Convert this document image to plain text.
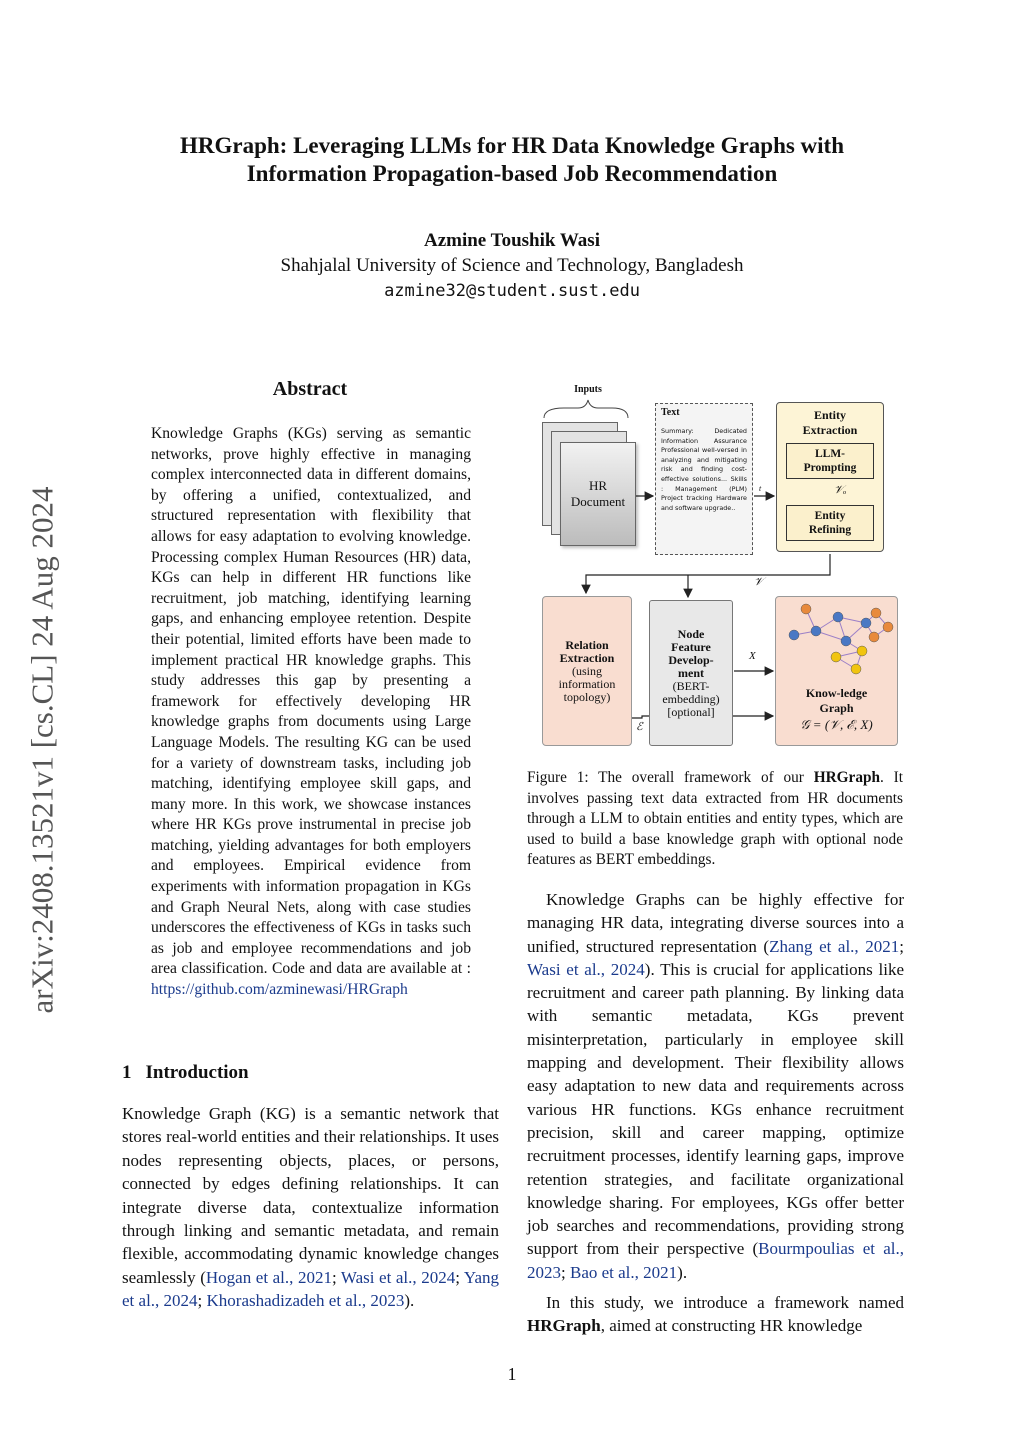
arXiv:2408.13521v1 [cs.CL] 24 Aug 2024
HRGraph: Leveraging LLMs for HR Data Knowledge Graphs with
Information Propagation-based Job Recommendation
Azmine Toushik Wasi
Shahjalal University of Science and Technology, Bangladesh
azmine32@student.sust.edu
Abstract
Knowledge Graphs (KGs) serving as semantic networks, prove highly effective in managing complex interconnected data in different domains, by offering a unified, contextualized, and structured representation with flexibility that allows for easy adaptation to evolving knowledge. Processing complex Human Resources (HR) data, KGs can help in different HR functions like recruitment, job matching, identifying learning gaps, and enhancing employee retention. Despite their potential, limited efforts have been made to implement practical HR knowledge graphs. This study addresses this gap by presenting a framework for effectively developing HR knowledge graphs from documents using Large Language Models. The resulting KG can be used for a variety of downstream tasks, including job matching, identifying employee skill gaps, and many more. In this work, we showcase instances where HR KGs prove instrumental in precise job matching, yielding advantages for both employers and employees. Empirical evidence from experiments with information propagation in KGs and Graph Neural Nets, along with case studies underscores the effectiveness of KGs in tasks such as job and employee recommendations and job area classification. Code and data are available at : https://github.com/azminewasi/HRGraph
1 Introduction
Knowledge Graph (KG) is a semantic network that stores real-world entities and their relationships. It uses nodes representing objects, places, or persons, connected by edges defining relationships. It can integrate diverse data, contextualize information through linking and semantic metadata, and remain flexible, accommodating dynamic knowledge changes seamlessly (Hogan et al., 2021; Wasi et al., 2024; Yang et al., 2024; Khorashadizadeh et al., 2023).
Inputs
HR
Document
Text
Summary: Dedicated Information Assurance Professional well-versed in analyzing and mitigating risk and finding cost-effective solutions... Skills : Management (PLM) Project tracking Hardware and software upgrade..
Entity
Extraction
LLM-
Prompting
Entity
Refining
Relation
Extraction
(using
information
topology)
Node
Feature
Develop-
ment
(BERT-
embedding)
[optional]
Know-ledge
Graph
𝒢 = (𝒱, ℰ, X)
t	𝒱ₒ
𝒱
X
ℰ
Figure 1: The overall framework of our HRGraph. It involves passing text data extracted from HR documents through a LLM to obtain entities and entity types, which are used to build a base knowledge graph with optional node features as BERT embeddings.

Knowledge Graphs can be highly effective for managing HR data, integrating diverse sources into a unified, structured representation (Zhang et al., 2021; Wasi et al., 2024). This is crucial for applications like recruitment and career path planning. By linking data with semantic metadata, KGs prevent misinterpretation, particularly in employee skill mapping and development. Their flexibility allows easy adaptation to new data and requirements across various HR functions. KGs enhance recruitment precision, skill and career mapping, optimize recruitment processes, identify learning gaps, improve retention strategies, and facilitate organizational knowledge sharing. For employees, KGs offer better job searches and recommendations, providing strong support from their perspective (Bourmpoulias et al., 2023; Bao et al., 2021).

In this study, we introduce a framework named HRGraph, aimed at constructing HR knowledge

1
